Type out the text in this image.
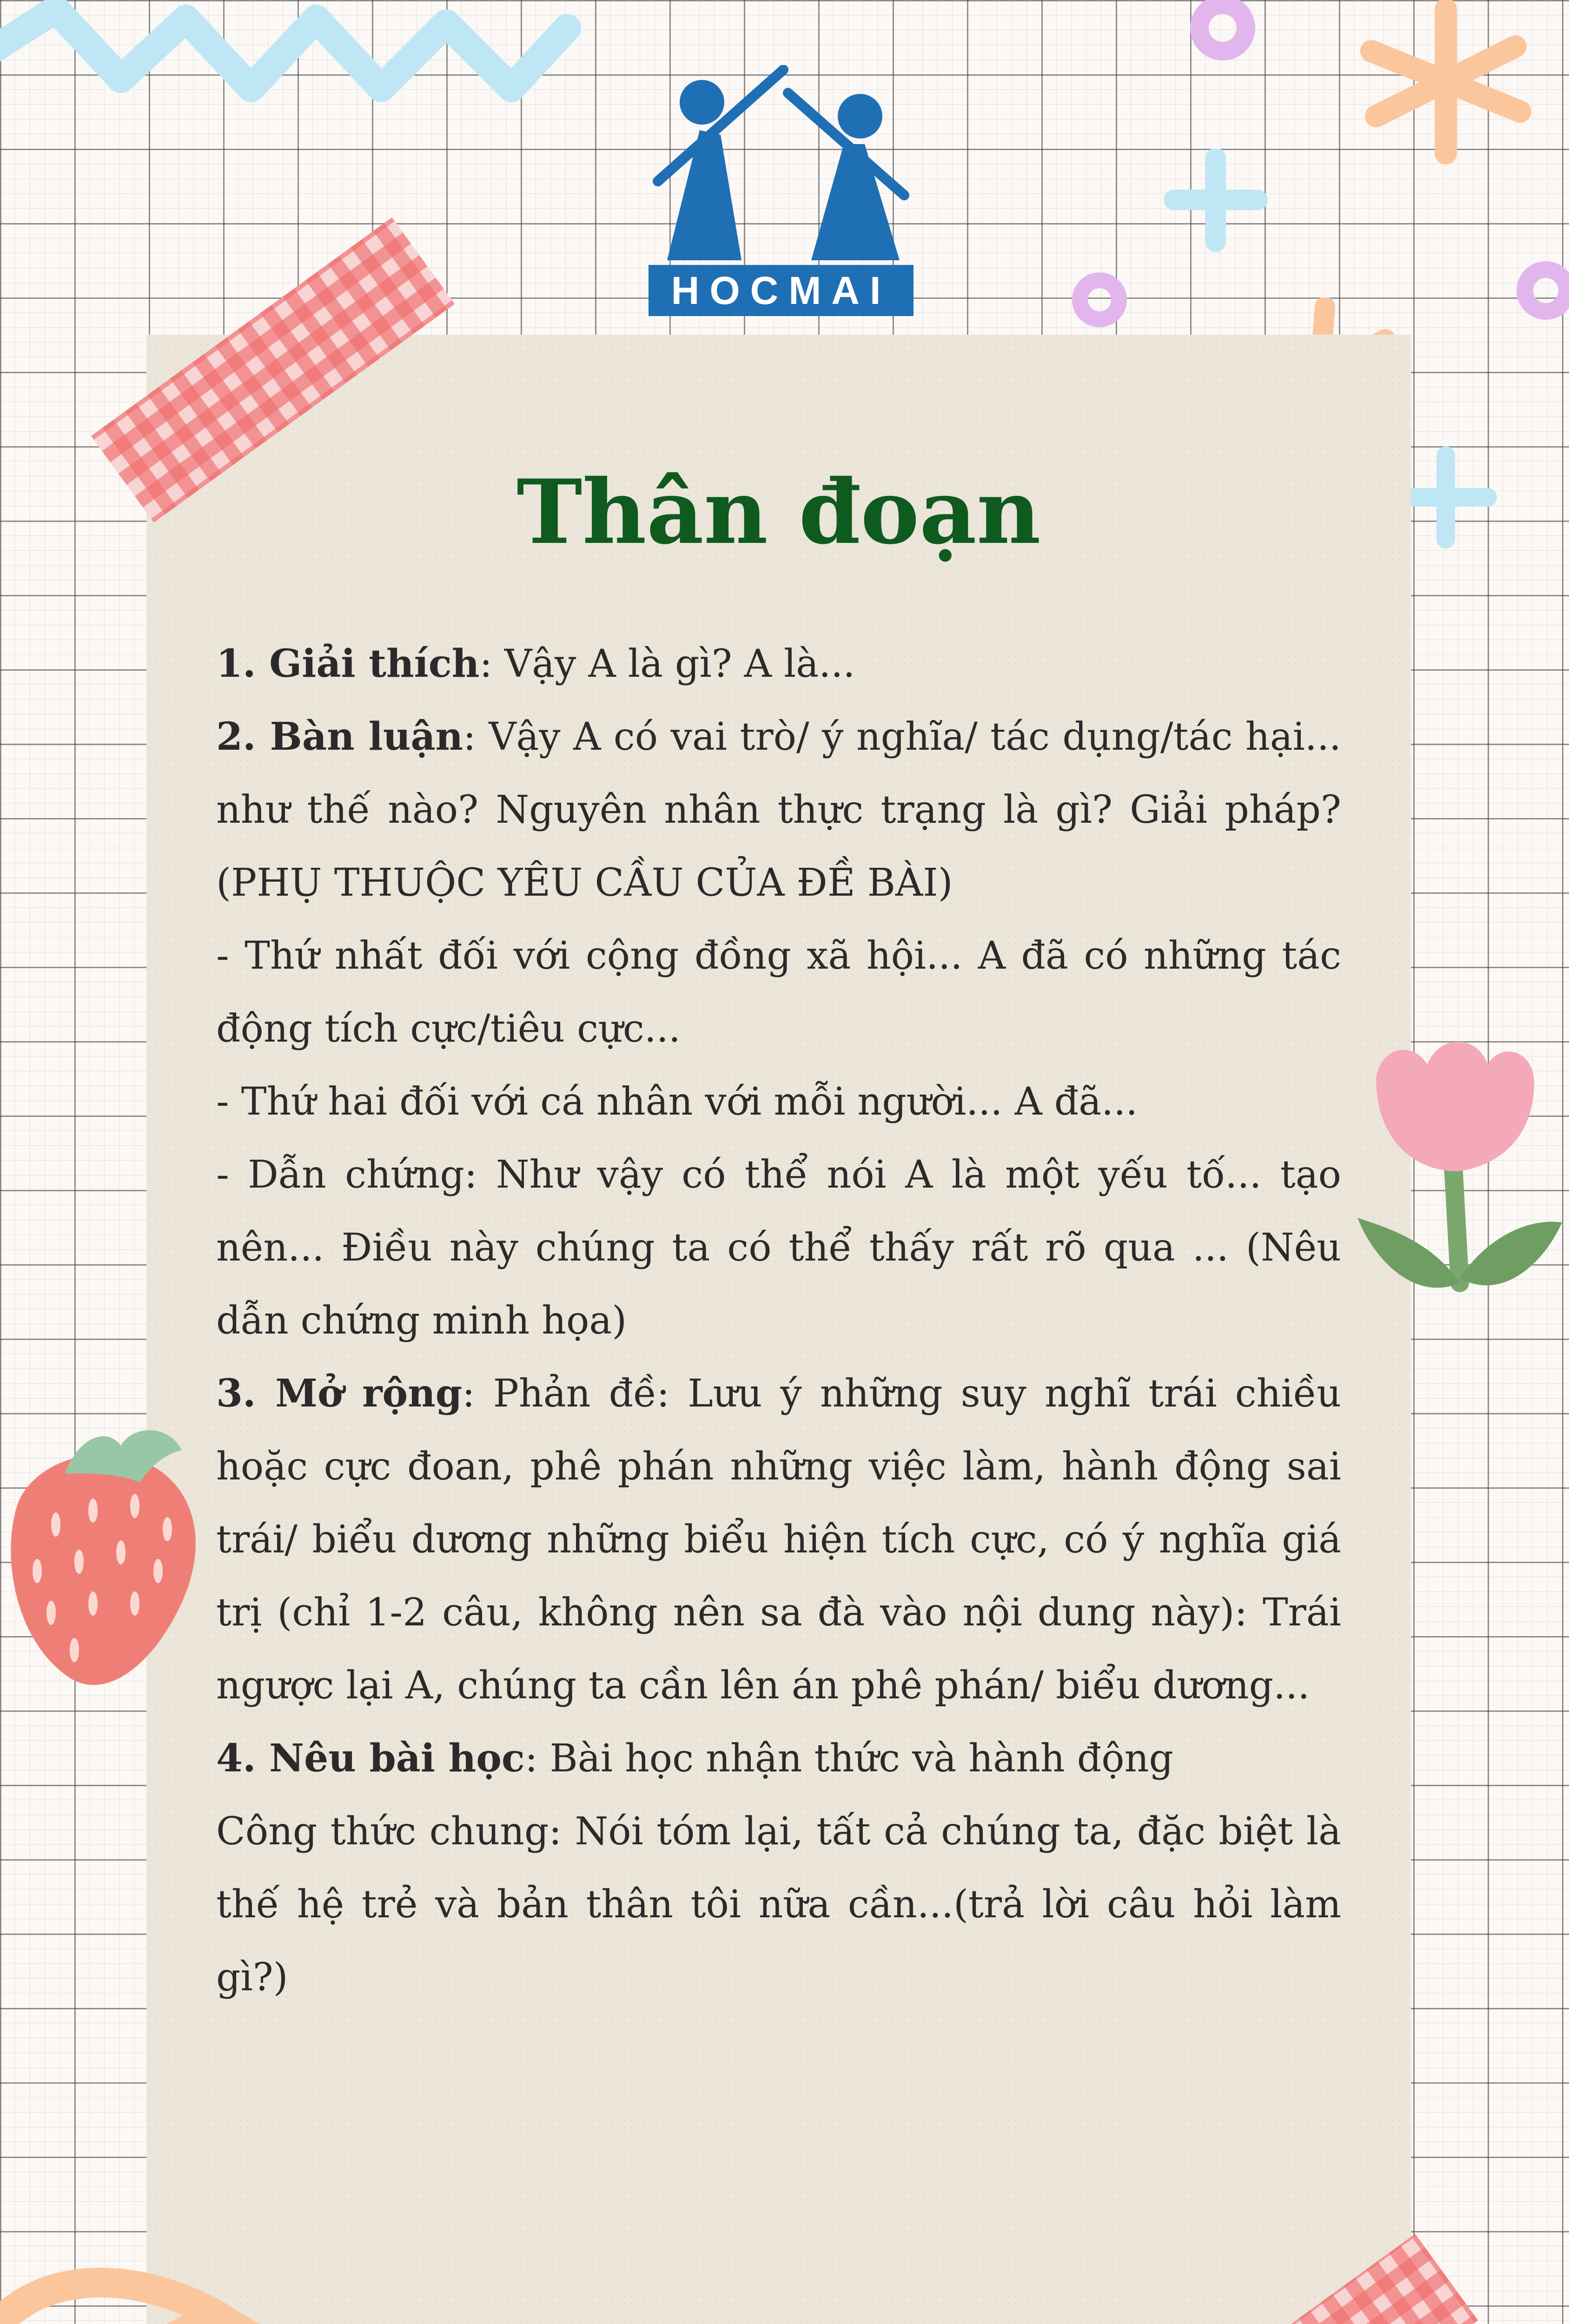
HOCMAI
Thân đoạn

1. Giải thích: Vậy A là gì? A là...

2. Bàn luận: Vậy A có vai trò/ ý nghĩa/ tác dụng/tác hại... như thế nào? Nguyên nhân thực trạng là gì? Giải pháp? (PHỤ THUỘC YÊU CẦU CỦA ĐỀ BÀI)

- Thứ nhất đối với cộng đồng xã hội... A đã có những tác động tích cực/tiêu cực...

- Thứ hai đối với cá nhân với mỗi người... A đã...

- Dẫn chứng: Như vậy có thể nói A là một yếu tố... tạo nên... Điều này chúng ta có thể thấy rất rõ qua ... (Nêu dẫn chứng minh họa)

3. Mở rộng: Phản đề: Lưu ý những suy nghĩ trái chiều hoặc cực đoan, phê phán những việc làm, hành động sai trái/ biểu dương những biểu hiện tích cực, có ý nghĩa giá trị (chỉ 1-2 câu, không nên sa đà vào nội dung này): Trái ngược lại A, chúng ta cần lên án phê phán/ biểu dương...

4. Nêu bài học: Bài học nhận thức và hành động

Công thức chung: Nói tóm lại, tất cả chúng ta, đặc biệt là thế hệ trẻ và bản thân tôi nữa cần...(trả lời câu hỏi làm gì?)
